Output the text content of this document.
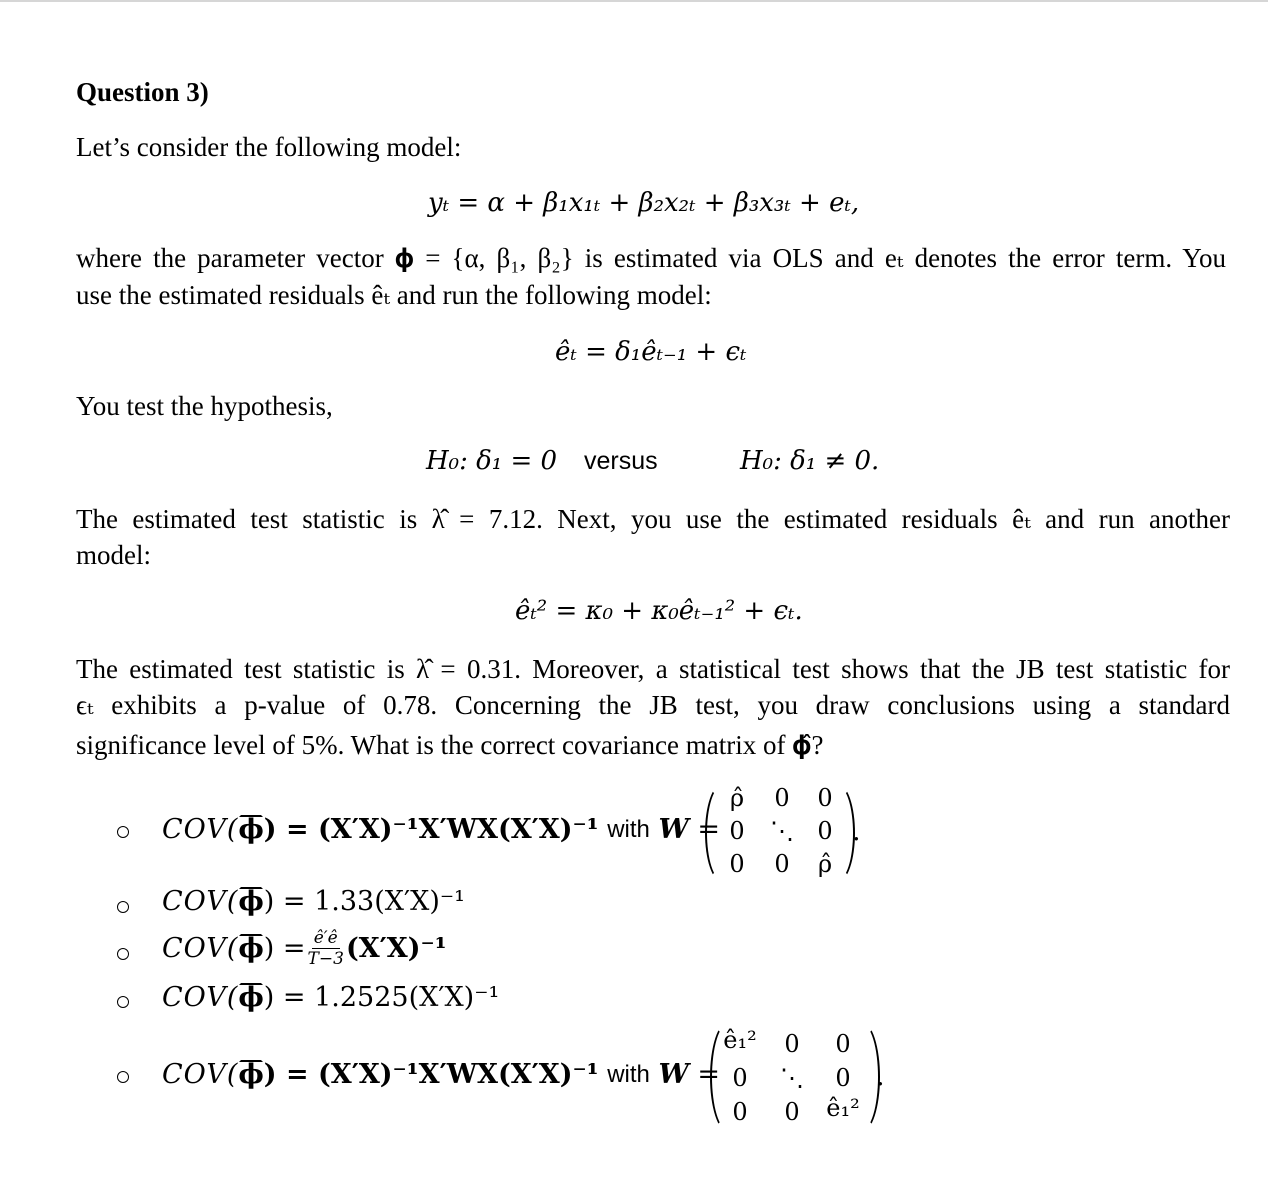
Question 3)
Let’s consider the following model:
yₜ = α + β₁x₁ₜ + β₂x₂ₜ + β₃x₃ₜ + eₜ,
where the parameter vector 𝛟 = {α, β₁, β₂} is estimated via OLS and eₜ denotes the error term. You
use the estimated residuals êₜ and run the following model:
êₜ = δ₁êₜ₋₁ + ϵₜ
You test the hypothesis,
H₀: δ₁ = 0 versus	H₀: δ₁ ≠ 0.
The estimated test statistic is λ̂ = 7.12. Next, you use the estimated residuals êₜ and run another
model:
êₜ² = κ₀ + κ₀êₜ₋₁² + ϵₜ.
The estimated test statistic is λ̂ = 0.31. Moreover, a statistical test shows that the JB test statistic for
ϵₜ exhibits a p-value of 0.78. Concerning the JB test, you draw conclusions using a standard
significance level of 5%. What is the correct covariance matrix of 𝛟̂?
COV( 𝛟 ) = (X′X)⁻¹X′WX(X′X)⁻¹
with
W
=
ρ̂	0	0
0	⋱ 0
0	0	ρ̂
.
COV( 𝛟 ) = 1.33(X′X)⁻¹
COV( 𝛟 ) = $\frac{ê'ê}{T-3} (X'X)^{-1}$
COV( 𝛟 ) = 1.2525(X′X)⁻¹
COV( 𝛟 ) = (X′X)⁻¹X′WX(X′X)⁻¹
with
W
=
ê₁²	0	0
0	⋱	0
0	0	ê₁²
.
